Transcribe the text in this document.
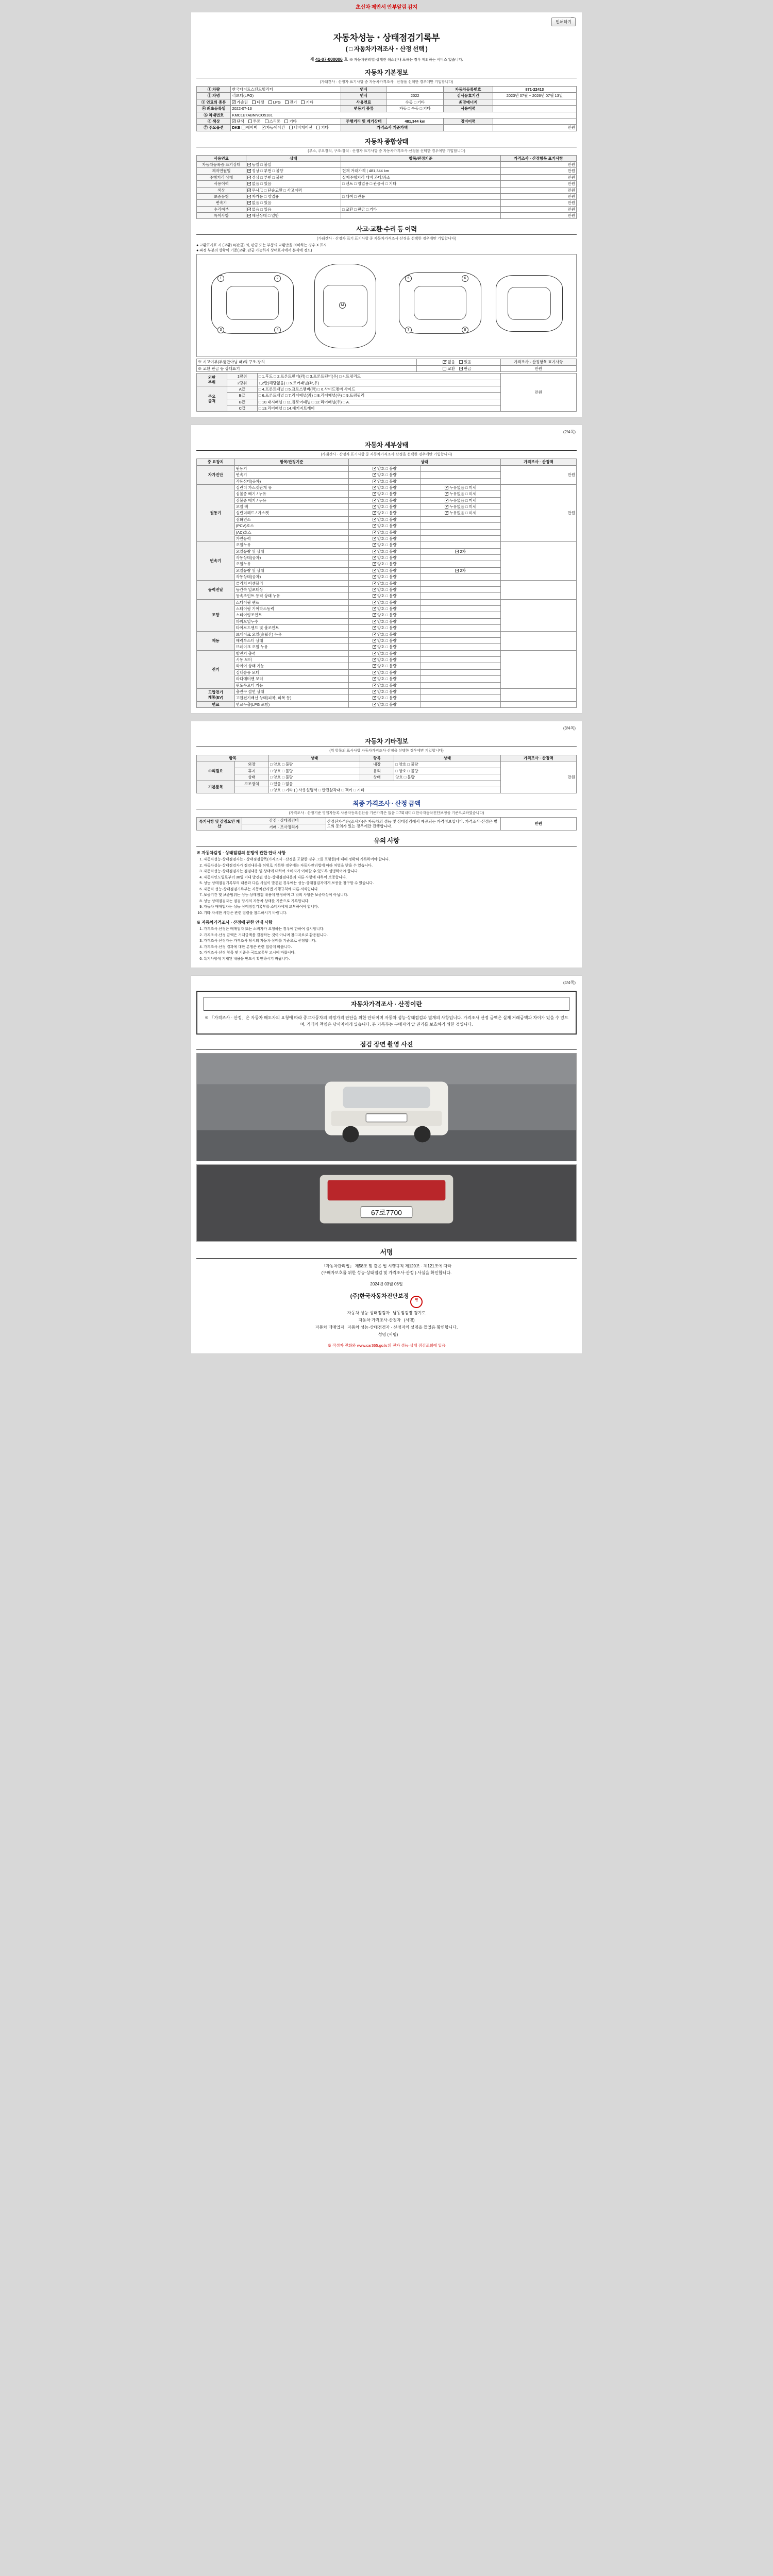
초신차 제안서 안부알림 감지
인쇄하기
자동차성능・상태점검기록부
( □ 자동차가격조사・산정 선택 )
제 41-07-000006 호 ※ 자동차관리법·상태란 해소안내 포해는 경우 제외하는 서버스 없습니다.
자동차 기본정보
(가래간사 · 산정자 표기사항 중 자동차가격조사 · 산정을 선택한 경우에만 기입합니다)
① 차량	한국다이트스턴모빌리티	연식		자동차등록번호	871-22413
② 차명	리보티(LPG)	연식	2022	검사유효기간	2023년 07월 ~ 2026년 07월 13일
③ 연료의 종류	✓가솔린 디젤 LPG 전기 기타	사용연료	수동 □ 기타	최망에너지	
④ 최초등록일	2022-07-13	변동기 종류	자동 □ 수동 □ 기타	사용이력	
⑤ 차대번호	KMC1E7ABNNCO5181				
⑥ 색상	✓단색 투톤 스리톤 기타	주행거리 및 계기상태	481,344 km	정비이력	
⑦ 주요옵션	DKB 에어백 ✓ 자동에어컨 네비게이션 기타	가격조사 기준가액			만원
자동차 종합상태
(부소, 주요장치, 구조·장치 · 산정자 표기사항 중 자동차가격조사·산정을 선택한 경우에만 기입합니다)
사용연료	상태	항목/판정기준	가격조사 · 산정항목 표기사항
자동차등록증 표기상태	✓동일 □ 불일		만원
제작연월일	✓정상 □ 부번 □ 불량	현재 거래가격 | 481,344 km	만원
주행거리 상태	✓정상 □ 부번 □ 불량	실제주행거리 대비 과다/과소	만원
사용이력	✓없음 □ 있음	□ 렌트 □ 영업용 □ 관공서 □ 기타	만원
색상	✓무사고 □ 단순교환 □ 사고이력		만원
보증유형	✓자가용 □ 영업용	□ 대여 □ 관용	만원
변속기	✓없음 □ 있음		만원
수리여부	✓없음 □ 있음	□ 교환 □ 판금 □ 기타	만원
특이사항	✓배선상태 □ 일반		만원
사고·교환·수리 등 이력
(가래간사 · 산정자 표기 표기사항 중 자동차가격조사·산정을 선택한 경우에만 기입합니다)
● 교환표시표 시 (교환) X(판금) 외, 판금 또는 부품의 교환만을 의미하는 경우 X 표시
● 파정 부분의 상황이 기준(교환, 판금 가능하지 상태표시에서 분식에 정도)
1	2
3	4
M
5	6
7	8
※ 시고여부(부품만아님 때)의 구조·장치	✓없음 있음	가격조사 · 산정항목 표기사항
※ 교환·판금 등 상태표기	교환 ✓ 판금	만원
외판
부위	1량위	□ 1.후드 □ 2.프론트펀더(좌) □ 3.프론트펀더(우) □ 4.트렁리드	만원
	2량위	1,2란(해당없음) □ 5.로커패널(좌,우)	
주요
골격	A급	□ 4.프론트패널 □ 5.크로스멤버(좌) □ 6.사이드멤버 사이드	
	B급	□ 6.프론트패널 □ 7.리어패널(좌) □ 8.리어패널(우) □ 9.트렁필러	
	B급	□ 10.대시패널 □ 11.플로어패널 □ 12.리어패널(우) □ A.	
	C급	□ 13.리어패널 □ 14.패키지트레이	
(2/4쪽)
자동차 세부상태
(가래간사 · 산정자 표기사항 중 자동차가격조사·산정을 선택한 경우에만 기입합니다)
중 요장치	항목/판정기준	상태		가격조사 · 산정액
자가진단	원동기	✓양호 □ 불량		만원
	변속기	✓양호 □ 불량	
	작동상태(공차)	✓양호 □ 불량	
원동기	실린더 가스켓판개 유	✓양호 □ 불량	✓누유없음 □ 미세	만원
	심불종 배기 / 누유	✓양호 □ 불량	✓누유없음 □ 미세
	심불종 배기 / 누유	✓양호 □ 불량	✓누유없음 □ 미세
	오일 팩	✓양호 □ 불량	✓누유없음 □ 미세
	실린더헤드 / 가스켓	✓양호 □ 불량	✓누유없음 □ 미세
	점화연소	✓양호 □ 불량	
	(PCV)호스	✓양호 □ 불량	
	(AC)호스	✓양호 □ 불량	
	가연동력	✓양호 □ 불량	
변속기	오일누유	✓양호 □ 불량		
	오일유량 및 상태	✓양호 □ 불량	✓2차
	작동상태(공차)	✓양호 □ 불량	
	오일누유	✓양호 □ 불량	
	오일유량 및 상태	✓양호 □ 불량	✓2차
	작동상태(공차)	✓양호 □ 불량	
동력전달	클러치 어셈블리	✓양호 □ 불량		
	등간속 일포태상	✓양호 □ 불량	
	등속조인트 등력 상태 누유	✓양호 □ 불량	
조향	스티어링 펜프	✓양호 □ 불량		
	스티어링 기어박스동력	✓양호 □ 불량	
	스티어링조인트	✓양호 □ 불량	
	파워오일누수	✓양호 □ 불량	
	타이로드엔드 및 볼조인트	✓양호 □ 불량	
제동	브레이크 오일(슬립간) 누유	✓양호 □ 불량		
	배력부스터 상태	✓양호 □ 불량	
	브레이크 오일 누유	✓양호 □ 불량	
전기	발전기 출력	✓양호 □ 불량		
	시동 모터	✓양호 □ 불량	
	와이어 상태 기능	✓양호 □ 불량	
	실내송풍 모터	✓양호 □ 불량	
	라디에터팬 모터	✓양호 □ 불량	
	윈도우모터 기능	✓양호 □ 불량	
고압전기
계통(EV)	충전구 절연 상태	✓양호 □ 불량		
	고압전기배선 상태(피복, 피복 등)	✓양호 □ 불량	
연료	연료누출(LPG 포함)	✓양호 □ 불량		
(3/4쪽)
자동차 기타정보
(위 항목외 표사사항 자동차가격조사·산정을 선택한 경우에만 기입합니다)
항목		상태	항목	상태	가격조사 · 산정액
수리필요	외장	□ 양호 □ 불량	내장	□ 양호 □ 불량	만원
	휴지	□ 양호 □ 불량	유리	□ 양호 □ 불량	
	상태	□ 양호 □ 불량	상태	양호 □ 불량	
기본품목	보조장치	□ 있음 □ 없음			
		□ 양호 □ 기타 ( ) 사용설명서 □ 안전삼각대 □ 잭키 □ 기타			
최종 가격조사 · 산정 금액
(가격조사 · 산정기준 영업자등록 사용자등록신산을 기준가격은 없음 □ 7회내미 □ 한국자동차진단보정을 기준으로하였습니다)
특기사항 및 감점요인 계산	감점 · 상태점검비	산정된가격은(조사가)은 자동차의 성능 및 상태점검에서 제공되는 가격정보입니다. 가격조사·산정은 별도의 동의가 있는 경우에만 진행합니다.	만원
거래 · 조사정리가
유의 사항
※ 자동차감정 · 상태점검의 분쟁에 관한 안내 사항
1. 자동차성능·상태점검자는 · 상태점검항목(가격조사 · 산정을 포함한 경우 그를 포함한)에 대해 정확히 기록하여야 합니다.
2. 자동차성능·상태점검자가 점검내용을 허위로 기록한 경우에는 자동차관리법에 따라 처벌을 받을 수 있습니다.
3. 자동차성능·상태점검자는 점검내용 및 상태에 대하여 소비자가 이해할 수 있도록 설명하여야 합니다.
4. 자동차인도일로부터 30일 이내 발견된 성능·상태점검내용과 다른 사항에 대하여 보증합니다.
5. 성능·상태점검기록부의 내용과 다른 사실이 발견된 경우에는 성능·상태점검자에게 보증을 청구할 수 있습니다.
6. 자동차 성능·상태점검기록부는 자동차관리법 시행규칙에 따른 서식입니다.
7. 보증기간 및 보증범위는 성능·상태점검 내용에 한정하며 그 밖의 사항은 보증대상이 아닙니다.
8. 성능·상태점검자는 점검 당시의 자동차 상태를 기준으로 기록합니다.
9. 자동차 매매업자는 성능·상태점검기록부를 소비자에게 교부하여야 합니다.
10. 기타 자세한 사항은 관련 법령을 참고하시기 바랍니다.
※ 자동차가격조사 · 산정에 관한 안내 사항
1. 가격조사·산정은 매매업자 또는 소비자가 요청하는 경우에 한하여 실시합니다.
2. 가격조사·산정 금액은 거래금액을 결정하는 것이 아니며 참고자료로 활용됩니다.
3. 가격조사·산정자는 가격조사 당시의 자동차 상태를 기준으로 산정합니다.
4. 가격조사·산정 결과에 대한 분쟁은 관련 법령에 따릅니다.
5. 가격조사·산정 항목 및 기준은 국토교통부 고시에 따릅니다.
6. 특기사항에 기재된 내용을 반드시 확인하시기 바랍니다.
(4/4쪽)
자동차가격조사 · 산정이란

※ 「가격조사 · 산정」은 자동차 매도자의 요청에 따라 중고자동차의 적정가격 판단을 위한 안내이며 자동차 성능·상태점검과 별개의 사항입니다. 가격조사·산정 금액은 실제 거래금액과 차이가 있을 수 있으며, 거래의 책임은 당사자에게 있습니다. 본 기록부는 구매자의 알 권리를 보호하기 위한 것입니다.

점검 장면 촬영 사진
67로7700
서명
「자동차관리법」 제58조 및 같은 법 시행규칙 제120조 · 제121조에 따라
(구매자보호를 위한 성능·상태점검 및 가격조사·산정 ) 사실을 확인합니다.
2024년 03월 06일
(주)한국자동차진단보정 인
자동차 성능·상태점검자 남동점검장 경기도
자동차 가격조사·산정자 (서명)
자동차 매매업자 자동차 성능·상태점검자 · 산정자의 설명을 들었음 확인합니다.
성명 (서명)
※ 작성자 전화와 www.car365.go.kr의 전자 성능·상태 점검조회에 있음
